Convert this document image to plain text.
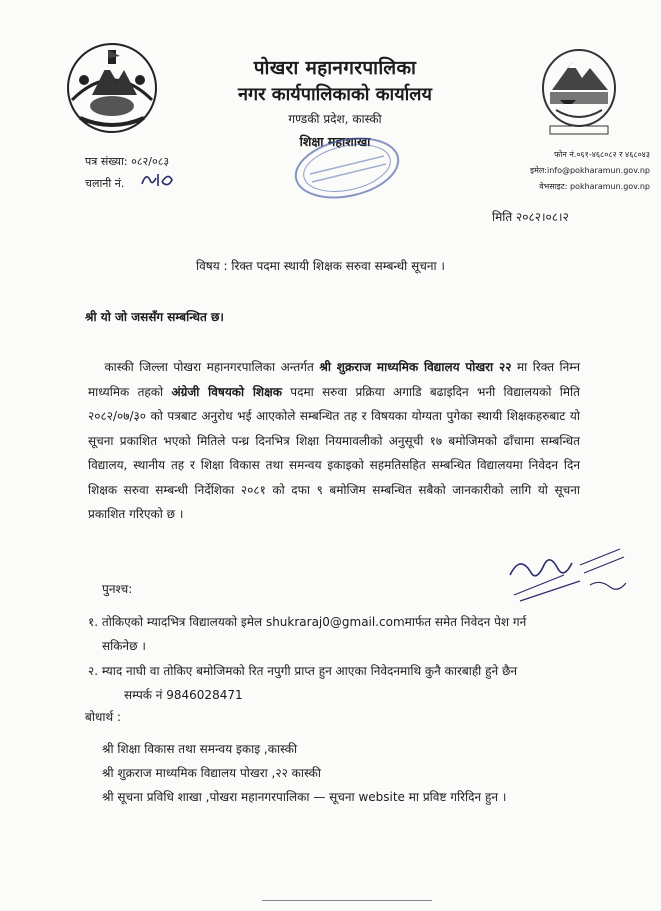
पोखरा महानगरपालिका
नगर कार्यपालिकाको कार्यालय
गण्डकी प्रदेश, कास्की
शिक्षा महाशाखा
पत्र संख्या: ०८२/०८३
चलानी नं.
फोन नं.०६१-४६८०८२ र ४६८०४३
इमेल:info@pokharamun.gov.np
वेभसाइट: pokharamun.gov.np
मिति २०८२।०८।२
विषय : रिक्त पदमा स्थायी शिक्षक सरुवा सम्बन्धी सूचना ।
श्री यो जो जससँग सम्बन्धित छ।
कास्की जिल्ला पोखरा महानगरपालिका अन्तर्गत श्री शुक्रराज माध्यमिक विद्यालय पोखरा २२ मा रिक्त निम्न माध्यमिक तहको अंग्रेजी विषयको शिक्षक पदमा सरुवा प्रक्रिया अगाडि बढाइदिन भनी विद्यालयको मिति २०८२/०७/३० को पत्रबाट अनुरोध भई आएकोले सम्बन्धित तह र विषयका योग्यता पुगेका स्थायी शिक्षकहरुबाट यो सूचना प्रकाशित भएको मितिले पन्ध्र दिनभित्र शिक्षा नियमावलीको अनुसूची १७ बमोजिमको ढाँचामा सम्बन्धित विद्यालय, स्थानीय तह र शिक्षा विकास तथा समन्वय इकाइको सहमतिसहित सम्बन्धित विद्यालयमा निवेदन दिन शिक्षक सरुवा सम्बन्धी निर्देशिका २०८१ को दफा ९ बमोजिम सम्बन्धित सबैको जानकारीको लागि यो सूचना प्रकाशित गरिएको छ ।
पुनश्च:
१. तोकिएको म्यादभित्र विद्यालयको इमेल shukraraj0@gmail.comमार्फत समेत निवेदन पेश गर्न
सकिनेछ ।
२. म्याद नाघी वा तोकिए बमोजिमको रित नपुगी प्राप्त हुन आएका निवेदनमाथि कुनै कारबाही हुने छैन
सम्पर्क नं 9846028471
बोधार्थ :
श्री शिक्षा विकास तथा समन्वय इकाइ ,कास्की
श्री शुक्रराज माध्यमिक विद्यालय पोखरा ,२२ कास्की
श्री सूचना प्रविधि शाखा ,पोखरा महानगरपालिका — सूचना website मा प्रविष्ट गरिदिन हुन ।
